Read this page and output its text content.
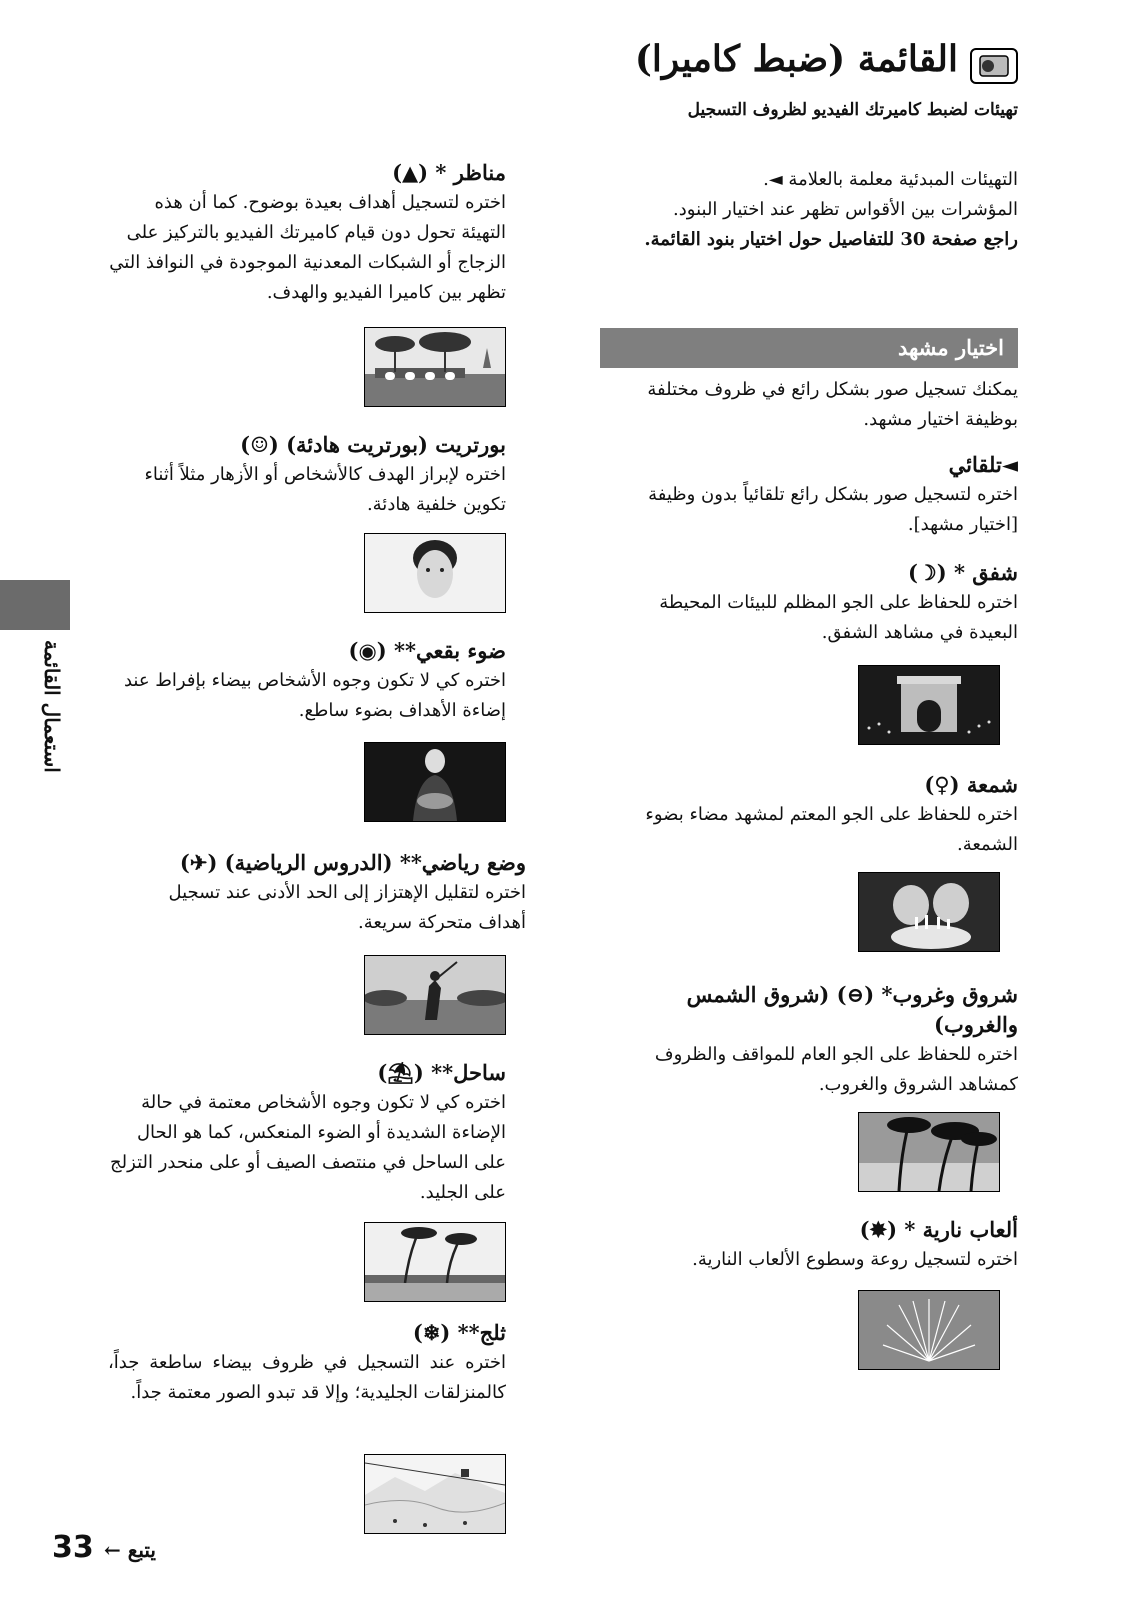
القائمة (ضبط كاميرا)
تهيئات لضبط كاميرتك الفيديو لظروف التسجيل
التهيئات المبدئية معلمة بالعلامة ◄.
المؤشرات بين الأقواس تظهر عند اختيار البنود.
راجع صفحة 30 للتفاصيل حول اختيار بنود القائمة.
اختيار مشهد
يمكنك تسجيل صور بشكل رائع في ظروف مختلفة بوظيفة اختيار مشهد.
◄تلقائي
اختره لتسجيل صور بشكل رائع تلقائياً بدون وظيفة [اختيار مشهد].
شفق * (☽)
اختره للحفاظ على الجو المظلم للبيئات المحيطة البعيدة في مشاهد الشفق.
شمعة (♀)
اختره للحفاظ على الجو المعتم لمشهد مضاء بضوء الشمعة.
شروق وغروب* (⊖) (شروق الشمس والغروب)
اختره للحفاظ على الجو العام للمواقف والظروف كمشاهد الشروق والغروب.
ألعاب نارية * (✸)
اختره لتسجيل روعة وسطوع الألعاب النارية.
مناظر * (▲)
اختره لتسجيل أهداف بعيدة بوضوح. كما أن هذه التهيئة تحول دون قيام كاميرتك الفيديو بالتركيز على الزجاج أو الشبكات المعدنية الموجودة في النوافذ التي تظهر بين كاميرا الفيديو والهدف.
بورتريت (بورتريت هادئة) (☺)
اختره لإبراز الهدف كالأشخاص أو الأزهار مثلاً أثناء تكوين خلفية هادئة.
ضوء بقعي** (◉)
اختره كي لا تكون وجوه الأشخاص بيضاء بإفراط عند إضاءة الأهداف بضوء ساطع.
وضع رياضي** (الدروس الرياضية) (✈)
اختره لتقليل الإهتزاز إلى الحد الأدنى عند تسجيل أهداف متحركة سريعة.
ساحل** (⛱)
اختره كي لا تكون وجوه الأشخاص معتمة في حالة الإضاءة الشديدة أو الضوء المنعكس، كما هو الحال على الساحل في منتصف الصيف أو على منحدر التزلج على الجليد.
ثلج** (❄)
اختره عند التسجيل في ظروف بيضاء ساطعة جداً، كالمنزلقات الجليدية؛ وإلا قد تبدو الصور معتمة جداً.
استعمال القائمة
33 يتبع ←
